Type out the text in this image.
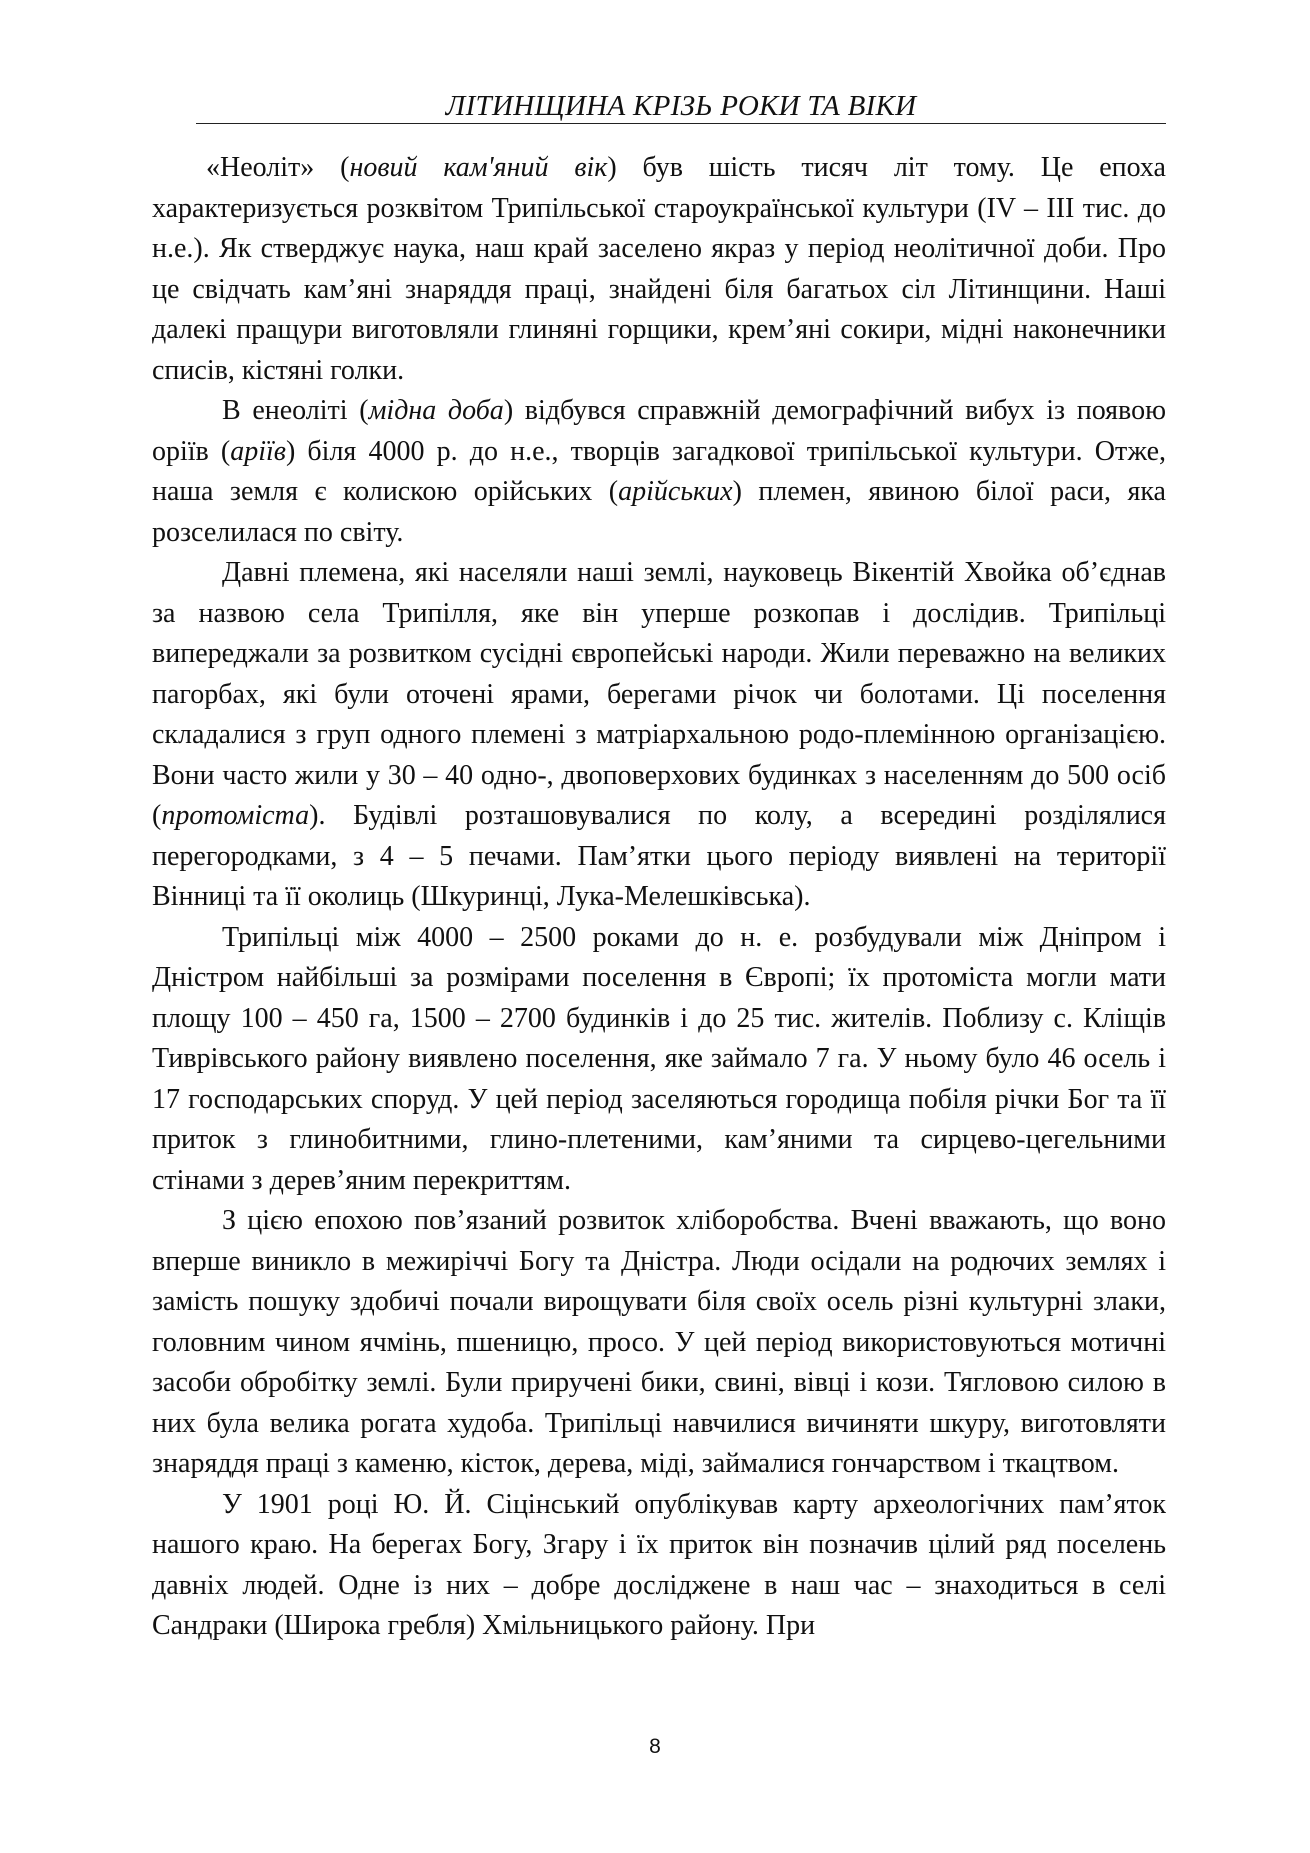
ЛІТИНЩИНА КРІЗЬ РОКИ ТА ВІКИ

«Неоліт» (новий кам'яний вік) був шість тисяч літ тому. Це епоха характеризується розквітом Трипільської староукраїнської культури (IV – III тис. до н.е.). Як стверджує наука, наш край заселено якраз у період неолітичної доби. Про це свідчать кам’яні знаряддя праці, знайдені біля багатьох сіл Літинщини. Наші далекі пращури виготовляли глиняні горщики, крем’яні сокири, мідні наконечники списів, кістяні голки.

В енеоліті (мідна доба) відбувся справжній демографічний вибух із появою оріїв (аріїв) біля 4000 р. до н.е., творців загадкової трипільської культури. Отже, наша земля є колискою орійських (арійських) племен, явиною білої раси, яка розселилася по світу.

Давні племена, які населяли наші землі, науковець Вікентій Хвойка об’єднав за назвою села Трипілля, яке він уперше розкопав і дослідив. Трипільці випереджали за розвитком сусідні європейські народи. Жили переважно на великих пагорбах, які були оточені ярами, берегами річок чи болотами. Ці поселення складалися з груп одного племені з матріархальною родо-племінною організацією. Вони часто жили у 30 – 40 одно-, двоповерхових будинках з населенням до 500 осіб (протоміста). Будівлі розташовувалися по колу, а всередині розділялися перегородками, з 4 – 5 печами. Пам’ятки цього періоду виявлені на території Вінниці та її околиць (Шкуринці, Лука-Мелешківська).

Трипільці між 4000 – 2500 роками до н. е. розбудували між Дніпром і Дністром найбільші за розмірами поселення в Європі; їх протоміста могли мати площу 100 – 450 га, 1500 – 2700 будинків і до 25 тис. жителів. Поблизу с. Кліщів Тиврівського району виявлено поселення, яке займало 7 га. У ньому було 46 осель і 17 господарських споруд. У цей період заселяються городища побіля річки Бог та її приток з глинобитними, глино-плетеними, кам’яними та сирцево-цегельними стінами з дерев’яним перекриттям.

З цією епохою пов’язаний розвиток хліборобства. Вчені вважають, що воно вперше виникло в межиріччі Богу та Дністра. Люди осідали на родючих землях і замість пошуку здобичі почали вирощувати біля своїх осель різні культурні злаки, головним чином ячмінь, пшеницю, просо. У цей період використовуються мотичні засоби обробітку землі. Були приручені бики, свині, вівці і кози. Тягловою силою в них була велика рогата худоба. Трипільці навчилися вичиняти шкуру, виготовляти знаряддя праці з каменю, кісток, дерева, міді, займалися гончарством і ткацтвом.

У 1901 році Ю. Й. Сіцінський опублікував карту археологічних пам’яток нашого краю. На берегах Богу, Згару і їх приток він позначив цілий ряд поселень давніх людей. Одне із них – добре досліджене в наш час – знаходиться в селі Сандраки (Широка гребля) Хмільницького району. При

8
